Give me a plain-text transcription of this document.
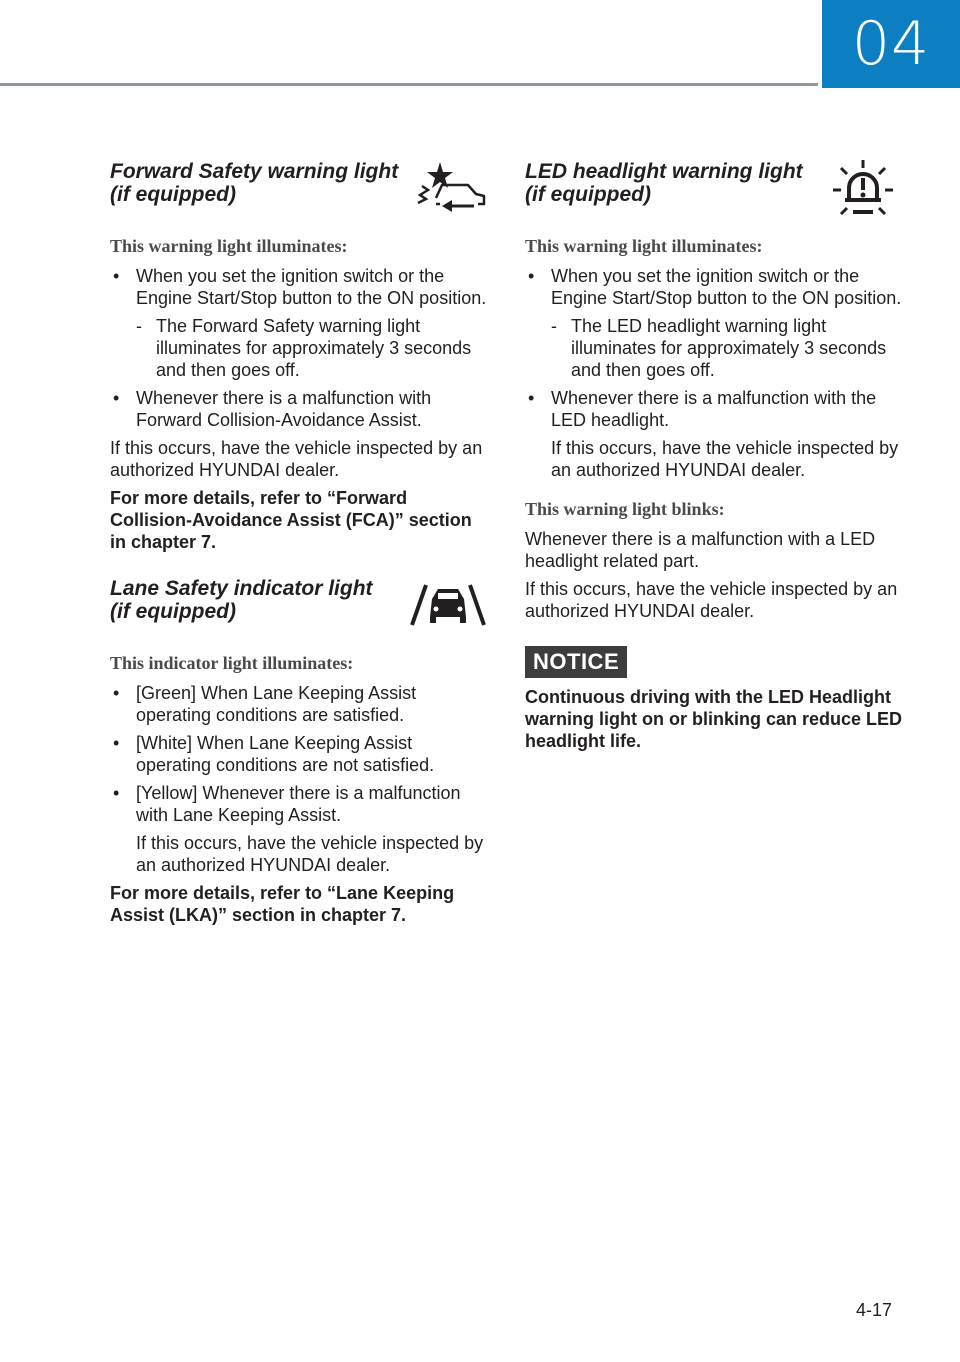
04
Forward Safety warning light
(if equipped)
This warning light illuminates:
• When you set the ignition switch or the Engine Start/Stop button to the ON position.
- The Forward Safety warning light illuminates for approximately 3 seconds and then goes off.
• Whenever there is a malfunction with Forward Collision-Avoidance Assist.

If this occurs, have the vehicle inspected by an authorized HYUNDAI dealer.

For more details, refer to “Forward Collision-Avoidance Assist (FCA)” section in chapter 7.

Lane Safety indicator light
(if equipped)
This indicator light illuminates:
• [Green] When Lane Keeping Assist operating conditions are satisfied.
• [White] When Lane Keeping Assist operating conditions are not satisfied.
• [Yellow] Whenever there is a malfunction with Lane Keeping Assist.
If this occurs, have the vehicle inspected by an authorized HYUNDAI dealer.

For more details, refer to “Lane Keeping Assist (LKA)” section in chapter 7.

LED headlight warning light
(if equipped)
This warning light illuminates:
• When you set the ignition switch or the Engine Start/Stop button to the ON position.
- The LED headlight warning light illuminates for approximately 3 seconds and then goes off.
• Whenever there is a malfunction with the LED headlight.
If this occurs, have the vehicle inspected by an authorized HYUNDAI dealer.
This warning light blinks:

Whenever there is a malfunction with a LED headlight related part.

If this occurs, have the vehicle inspected by an authorized HYUNDAI dealer.

NOTICE

Continuous driving with the LED Headlight warning light on or blinking can reduce LED headlight life.

4-17
